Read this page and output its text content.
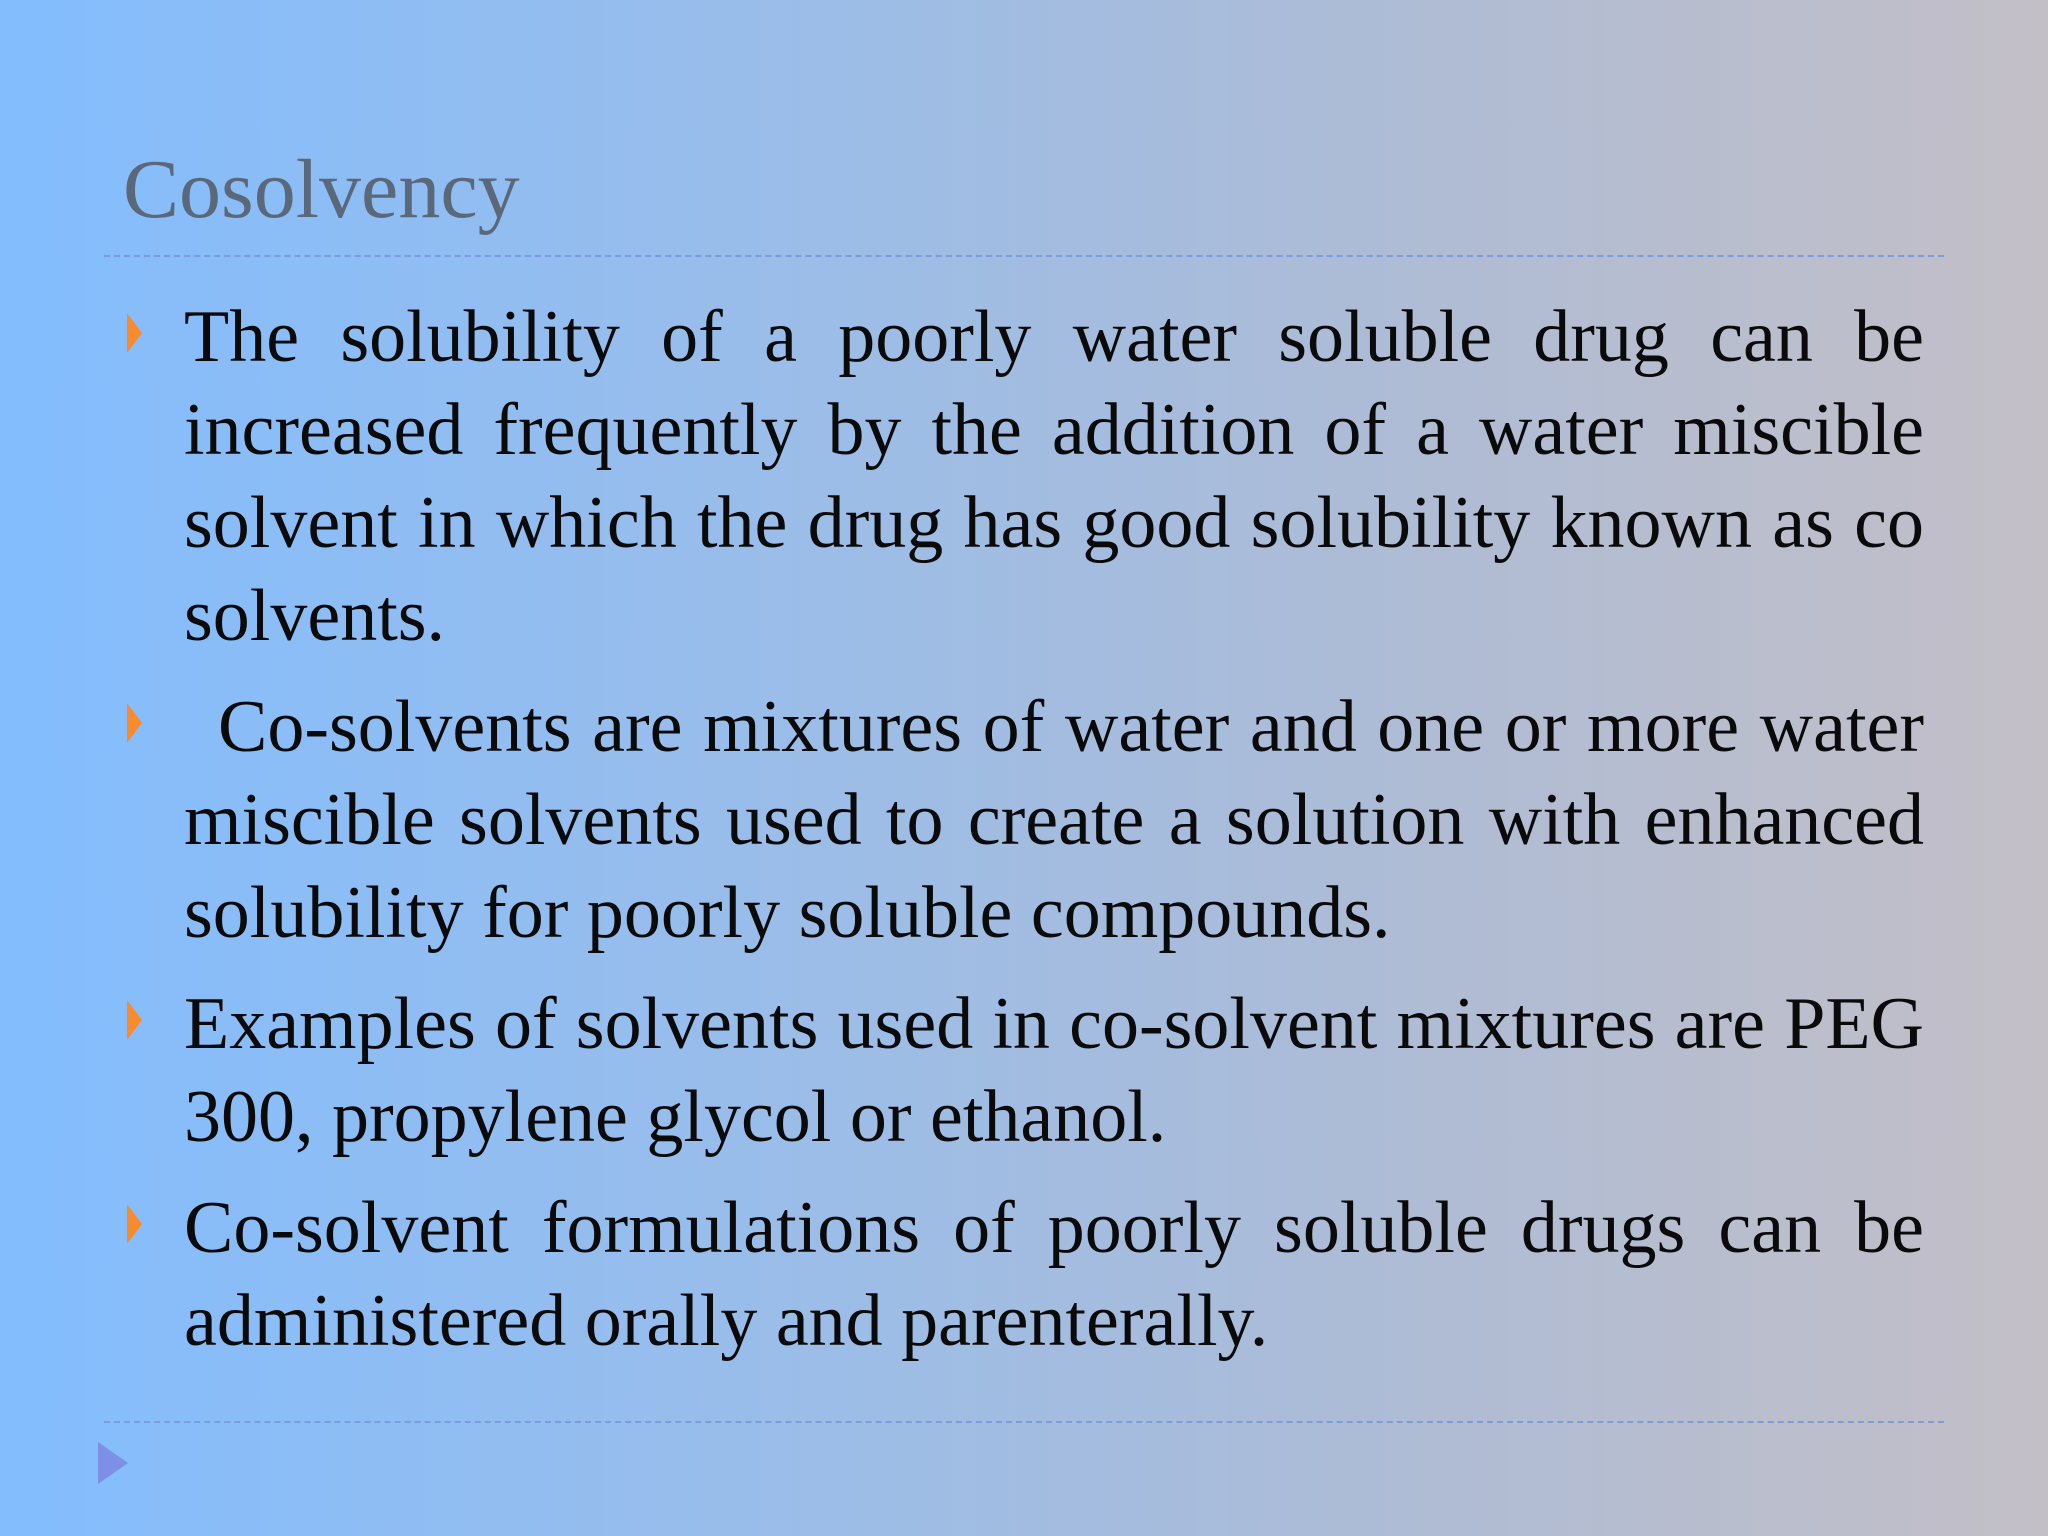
Cosolvency
The solubility of a poorly water soluble drug can be increased frequently by the addition of a water miscible solvent in which the drug has good solubility known as co solvents.
Co-solvents are mixtures of water and one or more water miscible solvents used to create a solution with enhanced solubility for poorly soluble compounds.
Examples of solvents used in co-solvent mixtures are PEG 300, propylene glycol or ethanol.
Co-solvent formulations of poorly soluble drugs can be administered orally and parenterally.
